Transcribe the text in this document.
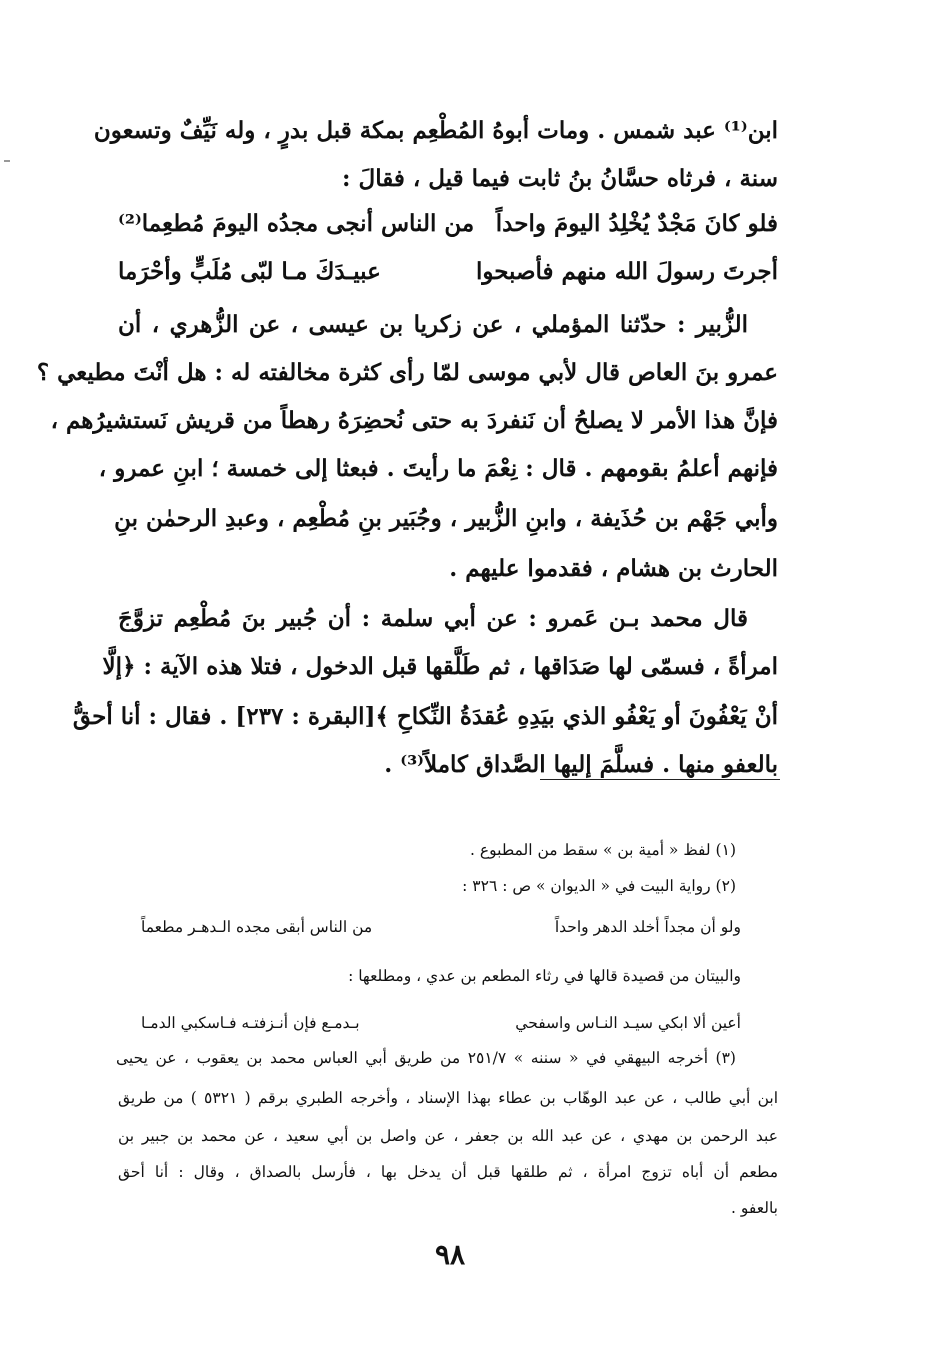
ابن⁽¹⁾ عبد شمس . ومات أبوهُ المُطْعِم بمكة قبل بدرٍ ، وله نَيِّفٌ وتسعون
سنة ، فرثاه حسَّانُ بنُ ثابت فيما قيل ، فقالَ :
فلو كانَ مَجْدٌ يُخْلِدُ اليومَ واحداً
من الناس أنجى مجدُه اليومَ مُطعِما⁽²⁾
أجرتَ رسولَ الله منهم فأصبحوا
عبيـدَكَ مـا لبّى مُلَبٍّ وأحْرَما
الزُّبير : حدّثنا المؤملي ، عن زكريا بن عيسى ، عن الزُّهري ، أن
عمرو بنَ العاص قال لأبي موسى لمّا رأى كثرة مخالفته له : هل أنْتَ مطيعي ؟
فإنَّ هذا الأمر لا يصلحُ أن نَنفردَ به حتى نُحضِرَهُ رهطاً من قريش نَستشيرُهم ،
فإنهم أعلمُ بقومهم . قال : نِعْمَ ما رأيتَ . فبعثا إلى خمسة ؛ ابنِ عمرو ،
وأبي جَهْم بن حُذَيفة ، وابنِ الزُّبير ، وجُبَير بنِ مُطْعِم ، وعبدِ الرحمٰن بنِ
الحارث بن هشام ، فقدموا عليهم .
قال محمد بـن عَمرو : عن أبي سلمة : أن جُبير بنَ مُطْعِم تزوَّجَ
امرأةً ، فسمّى لها صَدَاقها ، ثم طَلَّقها قبل الدخول ، فتلا هذه الآية : ﴿إلَّا
أنْ يَعْفُونَ أو يَعْفُو الذي بيَدِهِ عُقدَةُ النِّكاحِ ﴾[البقرة : ٢٣٧] . فقال : أنا أحقُّ
بالعفو منها . فسلَّمَ إليها الصَّداق كاملاً⁽³⁾ .
(١) لفظ « أمية بن » سقط من المطبوع .
(٢) رواية البيت في « الديوان » ص : ٣٢٦ :
ولو أن مجداً أخلد الدهر واحداً
من الناس أبقى مجده الـدهـر مطعماً
والبيتان من قصيدة قالها في رثاء المطعم بن عدي ، ومطلعها :
أعين ألا ابكي سيـد النـاس واسفحي
بـدمـع فإن أنـزفتـه فـاسكبي الدمـا
(٣) أخرجه البيهقي في « سننه » ٢٥١/٧ من طريق أبي العباس محمد بن يعقوب ، عن يحيى
ابن أبي طالب ، عن عبد الوهّاب بن عطاء بهذا الإسناد ، وأخرجه الطبري برقم ( ٥٣٢١ ) من طريق
عبد الرحمن بن مهدي ، عن عبد الله بن جعفر ، عن واصل بن أبي سعيد ، عن محمد بن جبير بن
مطعم أن أباه تزوج امرأة ، ثم طلقها قبل أن يدخل بها ، فأرسل بالصداق ، وقال : أنا أحق
بالعفو .
٩٨
